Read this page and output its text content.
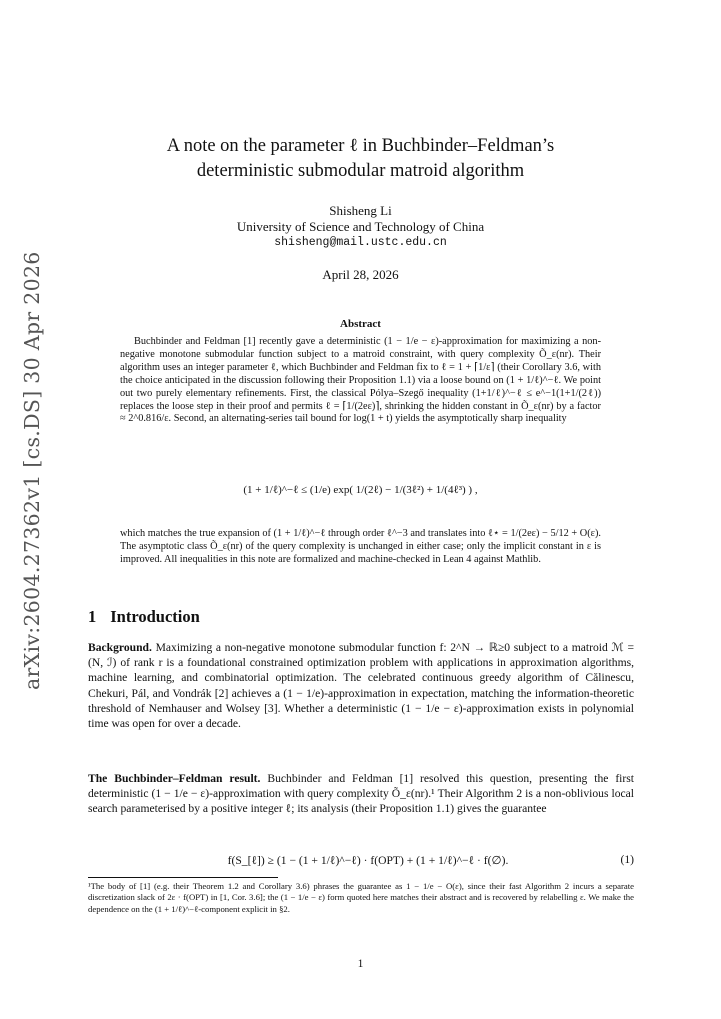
arXiv:2604.27362v1 [cs.DS] 30 Apr 2026
A note on the parameter ℓ in Buchbinder–Feldman’s
deterministic submodular matroid algorithm
Shisheng Li
University of Science and Technology of China
shisheng@mail.ustc.edu.cn
April 28, 2026
Abstract
Buchbinder and Feldman [1] recently gave a deterministic (1 − 1/e − ε)-approximation for maximizing a non-negative monotone submodular function subject to a matroid constraint, with query complexity Õ_ε(nr). Their algorithm uses an integer parameter ℓ, which Buchbinder and Feldman fix to ℓ = 1 + ⌈1/ε⌉ (their Corollary 3.6, with the choice anticipated in the discussion following their Proposition 1.1) via a loose bound on (1 + 1/ℓ)^−ℓ. We point out two purely elementary refinements. First, the classical Pólya–Szegő inequality (1+1/ℓ)^−ℓ ≤ e^−1(1+1/(2ℓ)) replaces the loose step in their proof and permits ℓ = ⌈1/(2eε)⌉, shrinking the hidden constant in Õ_ε(nr) by a factor ≈ 2^0.816/ε. Second, an alternating-series tail bound for log(1 + t) yields the asymptotically sharp inequality
(1 + 1/ℓ)^−ℓ ≤ (1/e) exp( 1/(2ℓ) − 1/(3ℓ²) + 1/(4ℓ³) ) ,
which matches the true expansion of (1 + 1/ℓ)^−ℓ through order ℓ^−3 and translates into ℓ⋆ = 1/(2eε) − 5/12 + O(ε). The asymptotic class Õ_ε(nr) of the query complexity is unchanged in either case; only the implicit constant in ε is improved. All inequalities in this note are formalized and machine-checked in Lean 4 against Mathlib.
1 Introduction
Background. Maximizing a non-negative monotone submodular function f: 2^N → ℝ≥0 subject to a matroid ℳ = (N, ℐ) of rank r is a foundational constrained optimization problem with applications in approximation algorithms, machine learning, and combinatorial optimization. The celebrated continuous greedy algorithm of Călinescu, Chekuri, Pál, and Vondrák [2] achieves a (1 − 1/e)-approximation in expectation, matching the information-theoretic threshold of Nemhauser and Wolsey [3]. Whether a deterministic (1 − 1/e − ε)-approximation exists in polynomial time was open for over a decade.
The Buchbinder–Feldman result. Buchbinder and Feldman [1] resolved this question, presenting the first deterministic (1 − 1/e − ε)-approximation with query complexity Õ_ε(nr).¹ Their Algorithm 2 is a non-oblivious local search parameterised by a positive integer ℓ; its analysis (their Proposition 1.1) gives the guarantee
f(S_[ℓ]) ≥ (1 − (1 + 1/ℓ)^−ℓ) · f(OPT) + (1 + 1/ℓ)^−ℓ · f(∅).	(1)
¹The body of [1] (e.g. their Theorem 1.2 and Corollary 3.6) phrases the guarantee as 1 − 1/e − O(ε), since their fast Algorithm 2 incurs a separate discretization slack of 2ε · f(OPT) in [1, Cor. 3.6]; the (1 − 1/e − ε) form quoted here matches their abstract and is recovered by relabelling ε. We make the dependence on the (1 + 1/ℓ)^−ℓ-component explicit in §2.
1
